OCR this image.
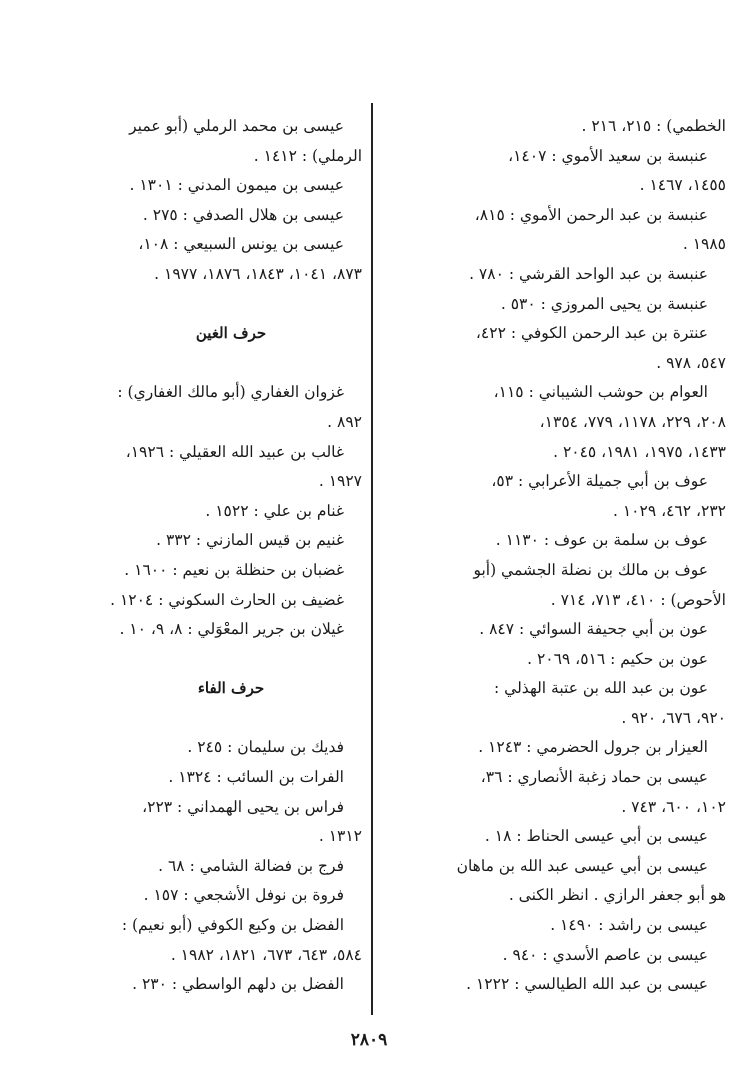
الخطمي) : ٢١٥، ٢١٦ .
عنبسة بن سعيد الأموي : ١٤٠٧،
١٤٥٥، ١٤٦٧ .
عنبسة بن عبد الرحمن الأموي : ٨١٥،
١٩٨٥ .
عنبسة بن عبد الواحد القرشي : ٧٨٠ .
عنبسة بن يحيى المروزي : ٥٣٠ .
عنترة بن عبد الرحمن الكوفي : ٤٢٢،
٥٤٧، ٩٧٨ .
العوام بن حوشب الشيباني : ١١٥،
٢٠٨، ٢٢٩، ١١٧٨، ٧٧٩، ١٣٥٤،
١٤٣٣، ١٩٧٥، ١٩٨١، ٢٠٤٥ .
عوف بن أبي جميلة الأعرابي : ٥٣،
٢٣٢، ٤٦٢، ١٠٢٩ .
عوف بن سلمة بن عوف : ١١٣٠ .
عوف بن مالك بن نضلة الجشمي (أبو
الأحوص) : ٤١٠، ٧١٣، ٧١٤ .
عون بن أبي جحيفة السوائي : ٨٤٧ .
عون بن حكيم : ٥١٦، ٢٠٦٩ .
عون بن عبد الله بن عتبة الهذلي :
٩٢٠، ٦٧٦، ٩٢٠ .
العيزار بن جرول الحضرمي : ١٢٤٣ .
عيسى بن حماد زغبة الأنصاري : ٣٦،
١٠٢، ٦٠٠، ٧٤٣ .
عيسى بن أبي عيسى الحناط : ١٨ .
عيسى بن أبي عيسى عبد الله بن ماهان
هو أبو جعفر الرازي . انظر الكنى .
عيسى بن راشد : ١٤٩٠ .
عيسى بن عاصم الأسدي : ٩٤٠ .
عيسى بن عبد الله الطيالسي : ١٢٢٢ .
عيسى بن محمد الرملي (أبو عمير
الرملي) : ١٤١٢ .
عيسى بن ميمون المدني : ١٣٠١ .
عيسى بن هلال الصدفي : ٢٧٥ .
عيسى بن يونس السبيعي : ١٠٨،
٨٧٣، ١٠٤١، ١٨٤٣، ١٨٧٦، ١٩٧٧ .
حرف الغين
غزوان الغفاري (أبو مالك الغفاري) :
٨٩٢ .
غالب بن عبيد الله العقيلي : ١٩٢٦،
١٩٢٧ .
غنام بن علي : ١٥٢٢ .
غنيم بن قيس المازني : ٣٣٢ .
غضبان بن حنظلة بن نعيم : ١٦٠٠ .
غضيف بن الحارث السكوني : ١٢٠٤ .
غيلان بن جرير المعْوَلي : ٨، ٩، ١٠ .
حرف الفاء
فديك بن سليمان : ٢٤٥ .
الفرات بن السائب : ١٣٢٤ .
فراس بن يحيى الهمداني : ٢٢٣،
١٣١٢ .
فرج بن فضالة الشامي : ٦٨ .
فروة بن نوفل الأشجعي : ١٥٧ .
الفضل بن وكيع الكوفي (أبو نعيم) :
٥٨٤، ٦٤٣، ٦٧٣، ١٨٢١، ١٩٨٢ .
الفضل بن دلهم الواسطي : ٢٣٠ .
٢٨٠٩
